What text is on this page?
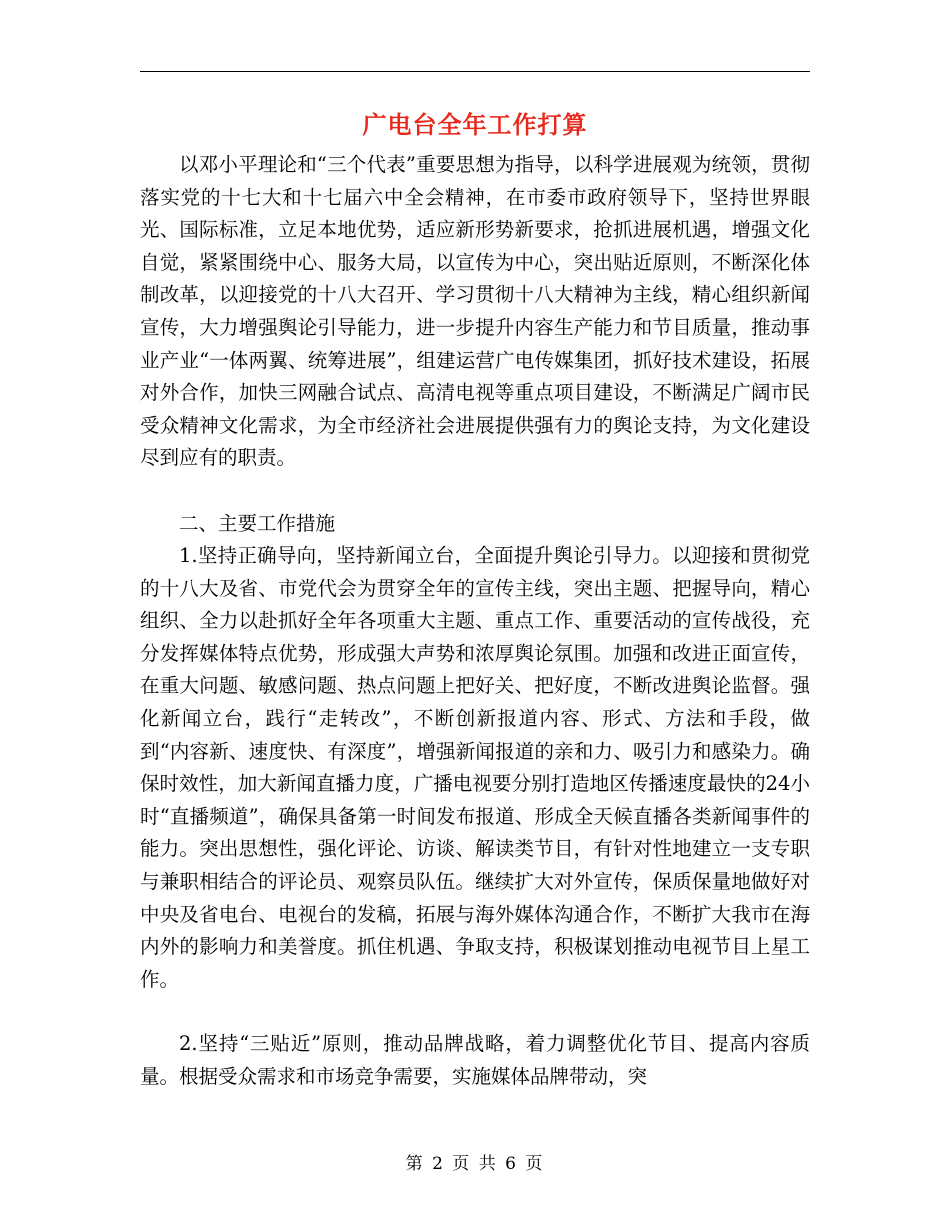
广电台全年工作打算

以邓小平理论和“三个代表”重要思想为指导，以科学进展观为统领，贯彻落实党的十七大和十七届六中全会精神，在市委市政府领导下，坚持世界眼光、国际标准，立足本地优势，适应新形势新要求，抢抓进展机遇，增强文化自觉，紧紧围绕中心、服务大局，以宣传为中心，突出贴近原则，不断深化体制改革，以迎接党的十八大召开、学习贯彻十八大精神为主线，精心组织新闻宣传，大力增强舆论引导能力，进一步提升内容生产能力和节目质量，推动事业产业“一体两翼、统筹进展”，组建运营广电传媒集团，抓好技术建设，拓展对外合作，加快三网融合试点、高清电视等重点项目建设，不断满足广阔市民受众精神文化需求，为全市经济社会进展提供强有力的舆论支持，为文化建设尽到应有的职责。

二、主要工作措施

1.坚持正确导向，坚持新闻立台，全面提升舆论引导力。以迎接和贯彻党的十八大及省、市党代会为贯穿全年的宣传主线，突出主题、把握导向，精心组织、全力以赴抓好全年各项重大主题、重点工作、重要活动的宣传战役，充分发挥媒体特点优势，形成强大声势和浓厚舆论氛围。加强和改进正面宣传，在重大问题、敏感问题、热点问题上把好关、把好度，不断改进舆论监督。强化新闻立台，践行“走转改”，不断创新报道内容、形式、方法和手段，做到“内容新、速度快、有深度”，增强新闻报道的亲和力、吸引力和感染力。确保时效性，加大新闻直播力度，广播电视要分别打造地区传播速度最快的24小时“直播频道”，确保具备第一时间发布报道、形成全天候直播各类新闻事件的能力。突出思想性，强化评论、访谈、解读类节目，有针对性地建立一支专职与兼职相结合的评论员、观察员队伍。继续扩大对外宣传，保质保量地做好对中央及省电台、电视台的发稿，拓展与海外媒体沟通合作，不断扩大我市在海内外的影响力和美誉度。抓住机遇、争取支持，积极谋划推动电视节目上星工作。

2.坚持“三贴近”原则，推动品牌战略，着力调整优化节目、提高内容质量。根据受众需求和市场竞争需要，实施媒体品牌带动，突

第 2 页 共 6 页
